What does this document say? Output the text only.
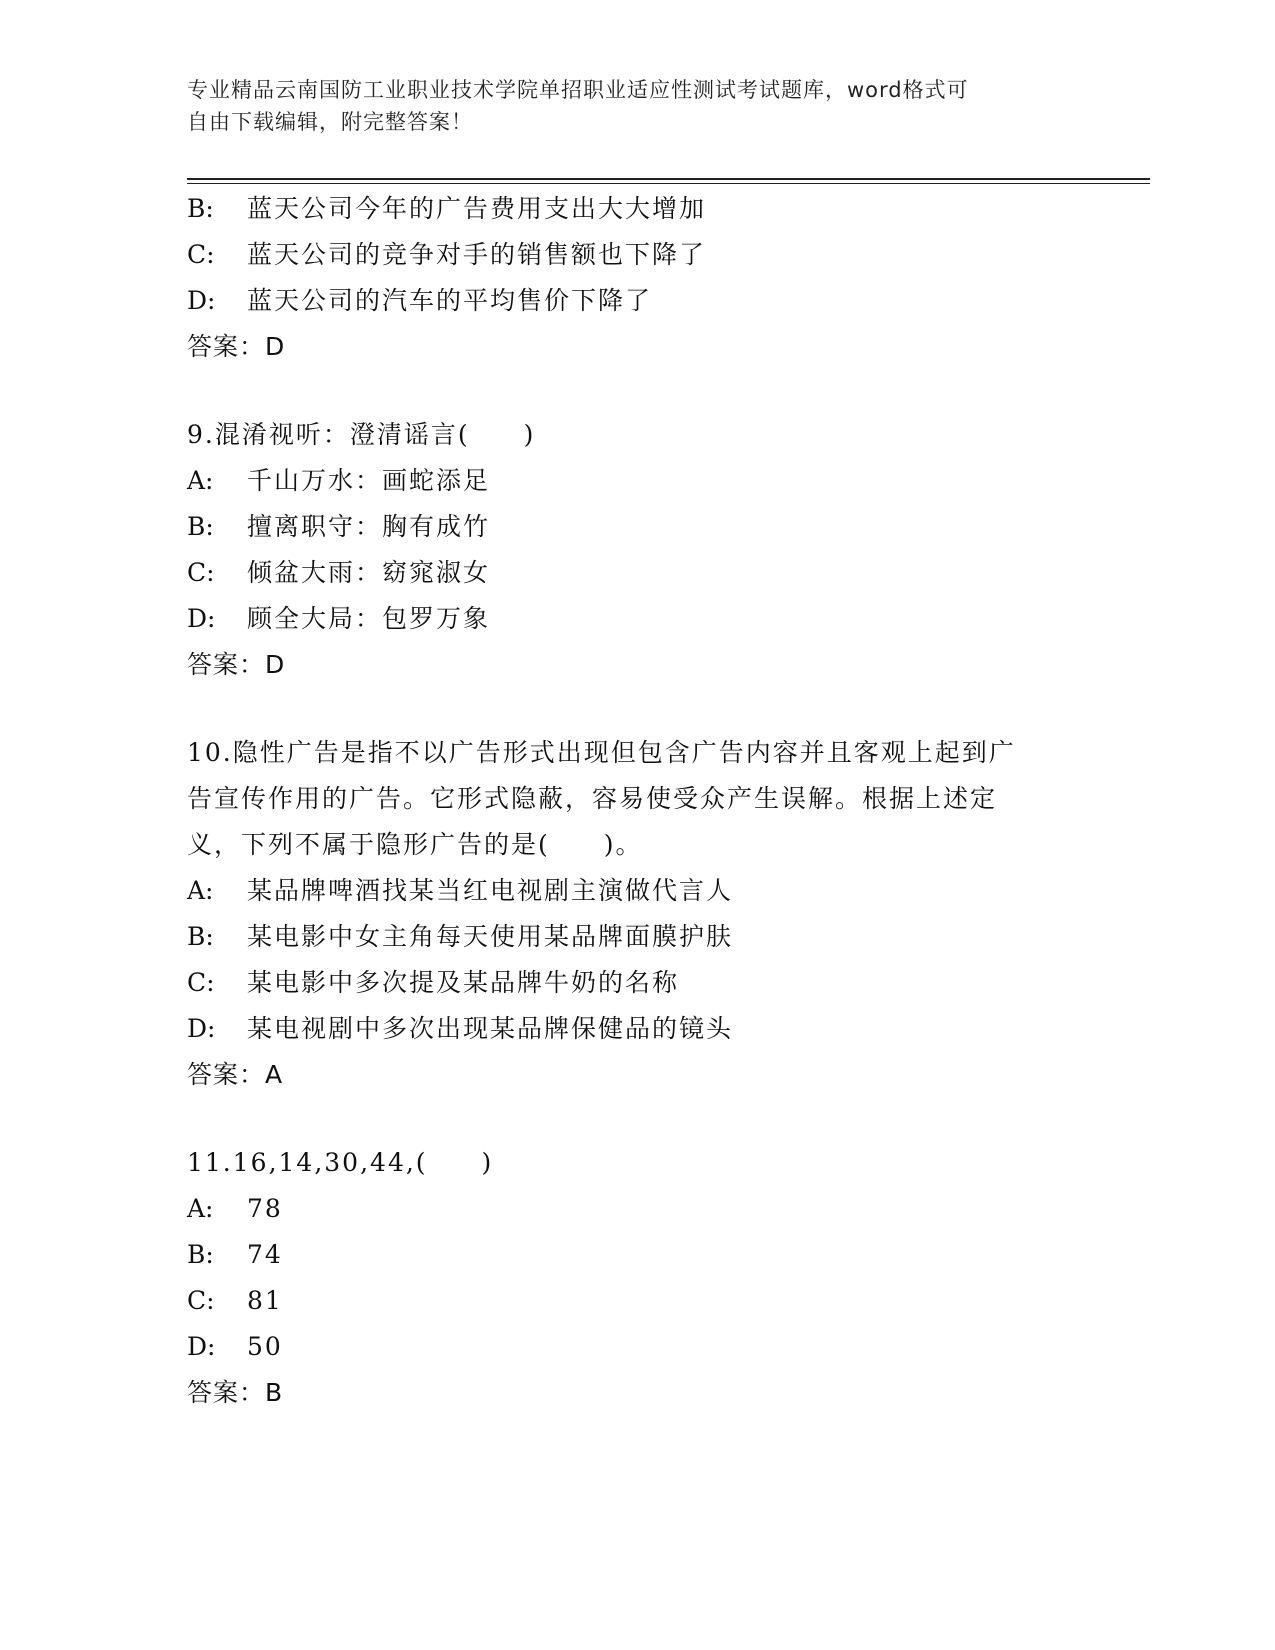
专业精品云南国防工业职业技术学院单招职业适应性测试考试题库，word格式可
自由下载编辑，附完整答案！
B: 蓝天公司今年的广告费用支出大大增加
C: 蓝天公司的竞争对手的销售额也下降了
D: 蓝天公司的汽车的平均售价下降了
答案：D
9.混淆视听：澄清谣言(　　)
A: 千山万水：画蛇添足
B: 擅离职守：胸有成竹
C: 倾盆大雨：窈窕淑女
D: 顾全大局：包罗万象
答案：D
10.隐性广告是指不以广告形式出现但包含广告内容并且客观上起到广
告宣传作用的广告。它形式隐蔽，容易使受众产生误解。根据上述定
义，下列不属于隐形广告的是(　　)。
A: 某品牌啤酒找某当红电视剧主演做代言人
B: 某电影中女主角每天使用某品牌面膜护肤
C: 某电影中多次提及某品牌牛奶的名称
D: 某电视剧中多次出现某品牌保健品的镜头
答案：A
11.16,14,30,44,(　　)
A: 78
B: 74
C: 81
D: 50
答案：B
